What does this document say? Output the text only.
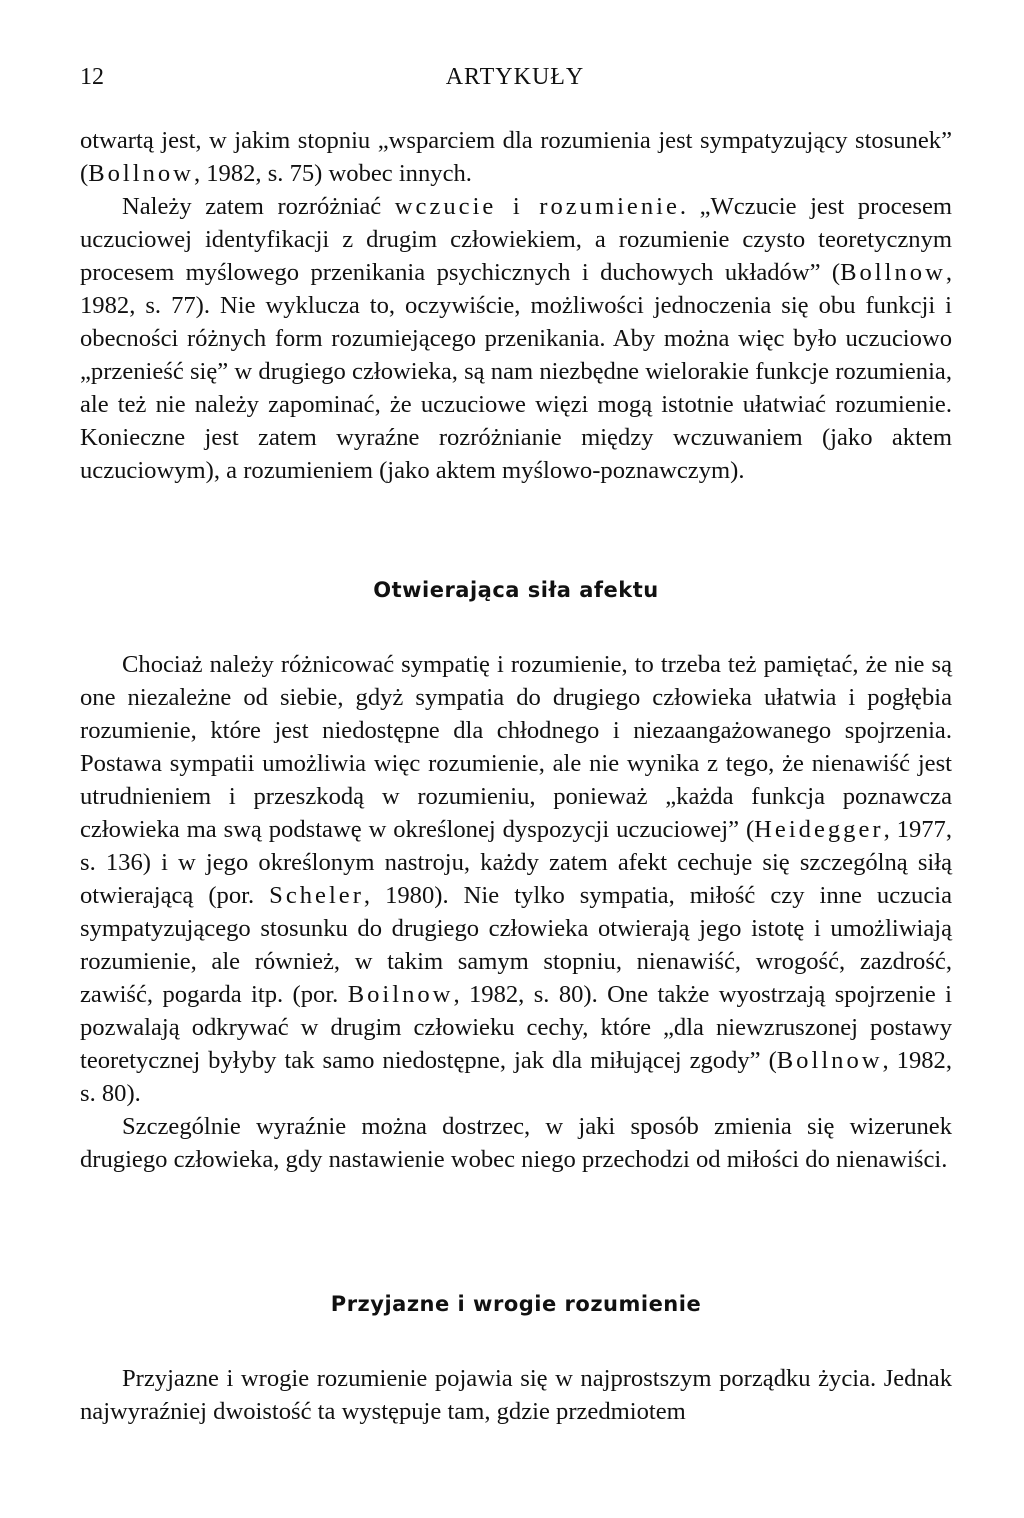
12	ARTYKUŁY

otwartą jest, w jakim stopniu „wsparciem dla rozumienia jest sympatyzujący stosunek” (Bollnow, 1982, s. 75) wobec innych.

Należy zatem rozróżniać wczucie i rozumienie. „Wczucie jest procesem uczuciowej identyfikacji z drugim człowiekiem, a rozumienie czysto teoretycznym procesem myślowego przenikania psychicznych i duchowych układów” (Bollnow, 1982, s. 77). Nie wyklucza to, oczywiście, możliwości jednoczenia się obu funkcji i obecności różnych form rozumiejącego przenikania. Aby można więc było uczuciowo „przenieść się” w drugiego człowieka, są nam niezbędne wielorakie funkcje rozumienia, ale też nie należy zapominać, że uczuciowe więzi mogą istotnie ułatwiać rozumienie. Konieczne jest zatem wyraźne rozróżnianie między wczuwaniem (jako aktem uczuciowym), a rozumieniem (jako aktem myślowo-poznawczym).

Otwierająca siła afektu

Chociaż należy różnicować sympatię i rozumienie, to trzeba też pamiętać, że nie są one niezależne od siebie, gdyż sympatia do drugiego człowieka ułatwia i pogłębia rozumienie, które jest niedostępne dla chłodnego i niezaangażowanego spojrzenia. Postawa sympatii umożliwia więc rozumienie, ale nie wynika z tego, że nienawiść jest utrudnieniem i przeszkodą w rozumieniu, ponieważ „każda funkcja poznawcza człowieka ma swą podstawę w określonej dyspozycji uczuciowej” (Heidegger, 1977, s. 136) i w jego określonym nastroju, każdy zatem afekt cechuje się szczególną siłą otwierającą (por. Scheler, 1980). Nie tylko sympatia, miłość czy inne uczucia sympatyzującego stosunku do drugiego człowieka otwierają jego istotę i umożliwiają rozumienie, ale również, w takim samym stopniu, nienawiść, wrogość, zazdrość, zawiść, pogarda itp. (por. Boilnow, 1982, s. 80). One także wyostrzają spojrzenie i pozwalają odkrywać w drugim człowieku cechy, które „dla niewzruszonej postawy teoretycznej byłyby tak samo niedostępne, jak dla miłującej zgody” (Bollnow, 1982, s. 80).

Szczególnie wyraźnie można dostrzec, w jaki sposób zmienia się wizerunek drugiego człowieka, gdy nastawienie wobec niego przechodzi od miłości do nienawiści.

Przyjazne i wrogie rozumienie

Przyjazne i wrogie rozumienie pojawia się w najprostszym porządku życia. Jednak najwyraźniej dwoistość ta występuje tam, gdzie przedmiotem
